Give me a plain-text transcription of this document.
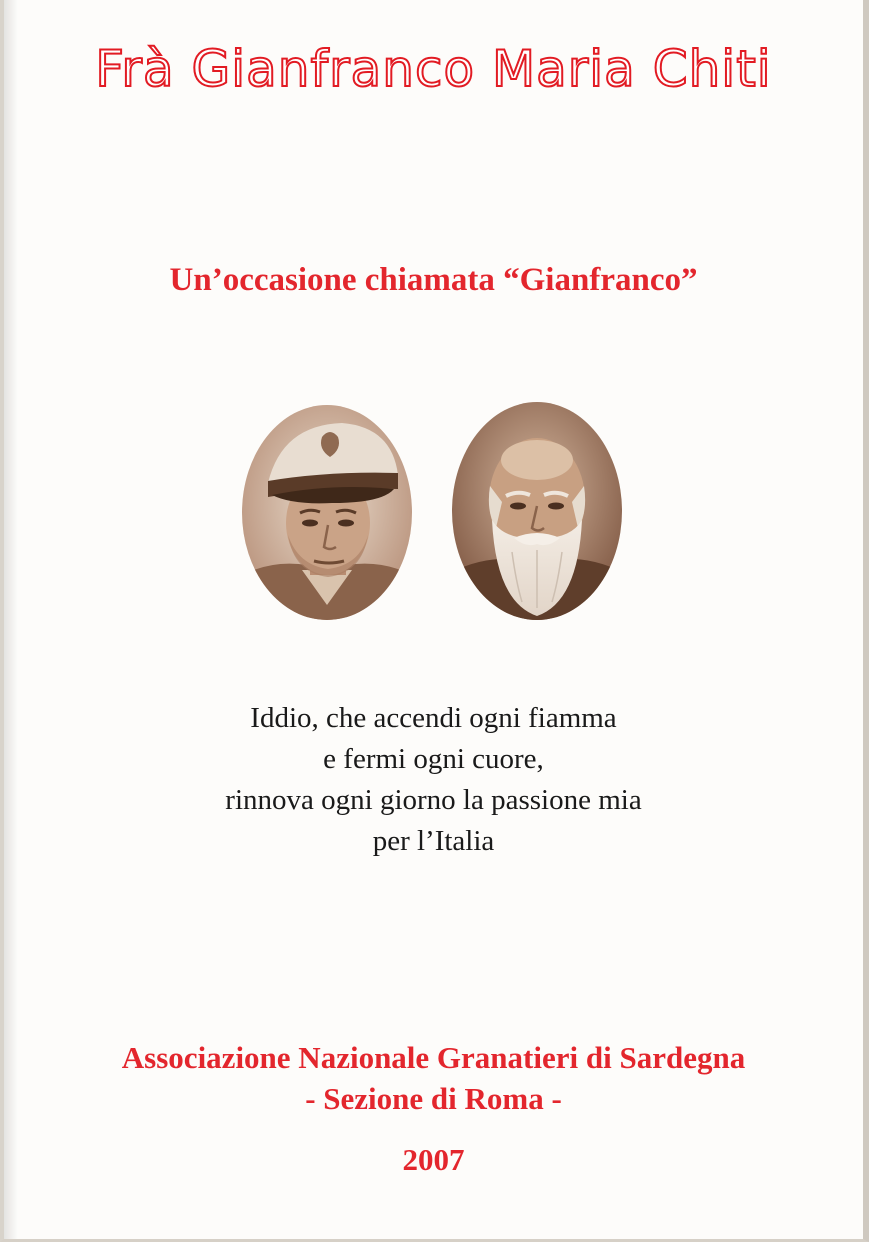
Frà Gianfranco Maria Chiti
Un’occasione chiamata “Gianfranco”
Iddio, che accendi ogni fiamma
e fermi ogni cuore,
rinnova ogni giorno la passione mia
per l’Italia
Associazione Nazionale Granatieri di Sardegna
- Sezione di Roma -
2007
